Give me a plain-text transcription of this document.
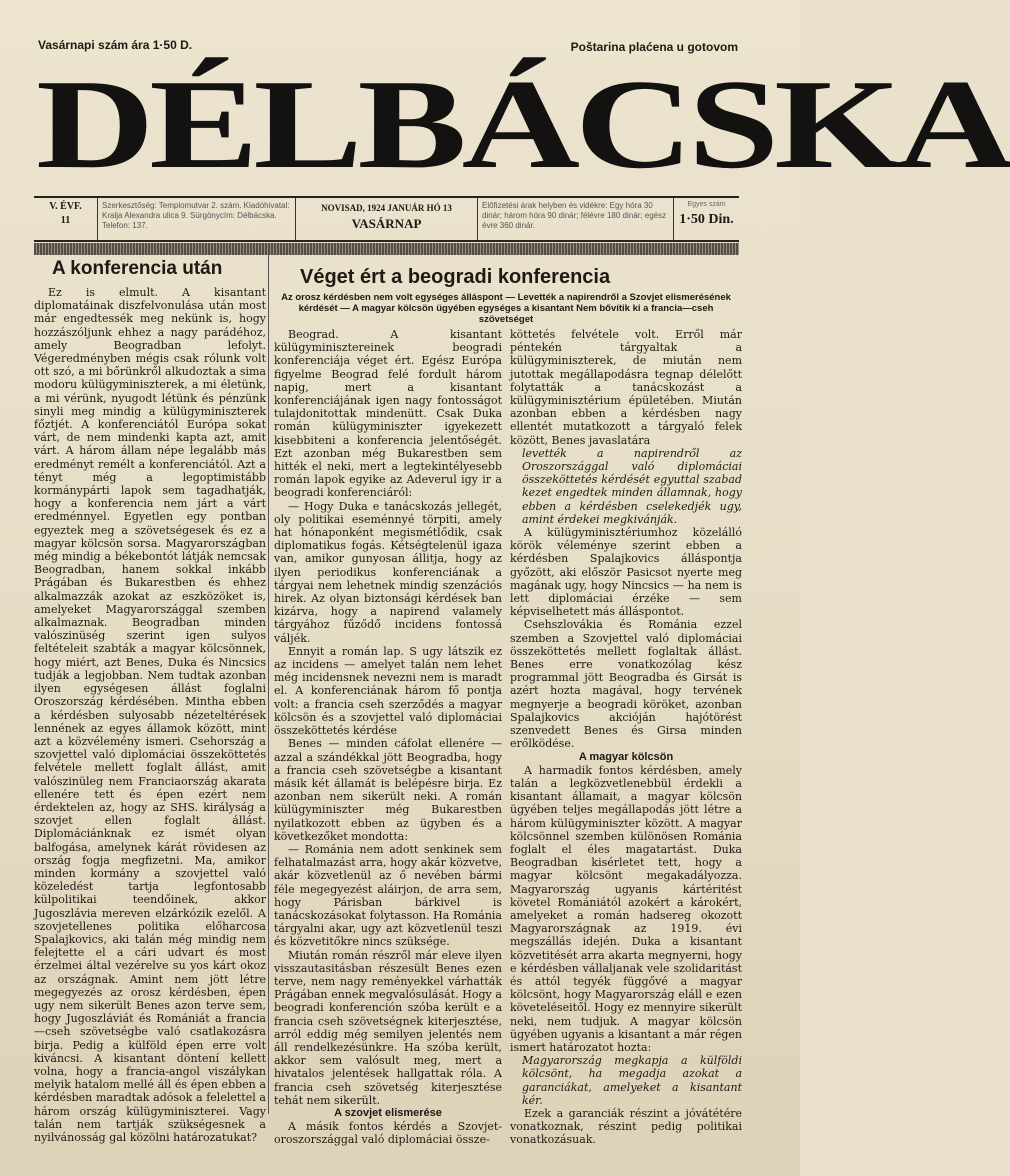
Vasárnapi szám ára 1·50 D.	Poštarina plaćena u gotovom
DÉLBÁCSKA
V. ÉVF.
11
Szerkesztőség: Templomutvar 2. szám. Kiadóhivatal: Kralja Alexandra ulica 9. Sürgönycím: Délbácska. Telefon: 137.
NOVISAD, 1924 JANUÁR HÓ 13
VASÁRNAP
Előfizetési árak helyben és vidékre: Egy hóra 30 dinár; három hóra 90 dinár; félévre 180 dinár; egész évre 360 dinár.
Egyes szám
1·50 Din.
A konferencia után

Ez is elmult. A kisantant diplomatáinak diszfelvonulása után most már engedtessék meg nekünk is, hogy hozzászóljunk ehhez a nagy parádéhoz, amely Beogradban lefolyt. Végeredményben mégis csak rólunk volt ott szó, a mi bőrünkről alkudoztak a sima modoru külügyminiszterek, a mi életünk, a mi vérünk, nyugodt létünk és pénzünk sinyli meg mindig a külügyminiszterek főztjét. A konferenciától Európa sokat várt, de nem mindenki kapta azt, amit várt. A három állam népe legalább más eredményt remélt a konferenciától. Azt a tényt még a legoptimistább kormánypárti lapok sem tagadhatják, hogy a konferencia nem járt a várt eredménnyel. Egyetlen egy pontban egyeztek meg a szövetségesek és ez a magyar kölcsön sorsa. Magyarországban még mindig a békebontót látják nemcsak Beogradban, hanem sokkal inkább Prágában és Bukarestben és ehhez alkalmazzák azokat az eszközöket is, amelyeket Magyarországgal szemben alkalmaznak. Beogradban minden valószinüség szerint igen sulyos feltételeit szabták a magyar kölcsönnek, hogy miért, azt Benes, Duka és Nincsics tudják a legjobban. Nem tudtak azonban ilyen egységesen állást foglalni Oroszország kérdésében. Mintha ebben a kérdésben sulyosabb nézeteltérések lennének az egyes államok között, mint azt a közvélemény ismeri. Csehország a szovjettel való diplomáciai összeköttetés felvétele mellett foglalt állást, amit valószinüleg nem Franciaország akarata ellenére tett és épen ezért nem érdektelen az, hogy az SHS. királyság a szovjet ellen foglalt állást. Diplomáciánknak ez ismét olyan balfogása, amelynek kárát rövidesen az ország fogja megfizetni. Ma, amikor minden kormány a szovjettel való közeledést tartja legfontosabb külpolitikai teendőinek, akkor Jugoszlávia mereven elzárkózik ezelől. A szovjetellenes politika előharcosa Spalajkovics, aki talán még mindig nem felejtette el a cári udvart és most érzelmei által vezérelve su yos kárt okoz az országnak. Amint nem jött létre megegyezés az orosz kérdésben, épen ugy nem sikerült Benes azon terve sem, hogy Jugoszláviát és Romániát a francia—cseh szövetségbe való csatlakozásra birja. Pedig a külföld épen erre volt kiváncsi. A kisantant döntení kellett volna, hogy a francia-angol viszálykan melyik hatalom mellé áll és épen ebben a kérdésben maradtak adósok a felelettel a három ország külügyminiszterei. Vagy talán nem tartják szükségesnek a nyilvánosság gal közölni határozatukat?

Véget ért a beogradi konferencia
Az orosz kérdésben nem volt egységes álláspont — Levették a napirendről a Szovjet elismerésének kérdését — A magyar kölcsön ügyében egységes a kisantant Nem bővítik ki a francia—cseh szövetséget

Beograd. A kisantant külügyminisztereinek beogradi konferenciája véget ért. Egész Európa figyelme Beograd felé fordult három napig, mert a kisantant konferenciájának igen nagy fontosságot tulajdonitottak mindenütt. Csak Duka román külügyminiszter igyekezett kisebbiteni a konferencia jelentőségét. Ezt azonban még Bukarestben sem hitték el neki, mert a legtekintélyesebb román lapok egyike az Adeverul igy ir a beogradi konferenciáról:

— Hogy Duka e tanácskozás jellegét, oly politikai eseménnyé törpiti, amely hat hónaponként megismétlődik, csak diplomatikus fogás. Kétségtelenül igaza van, amikor gunyosan állitja, hogy az ilyen periodikus konferenciának a tárgyai nem lehetnek mindig szenzációs hirek. Az olyan biztonsági kérdések ban kizárva, hogy a napirend valamely tárgyához fűződő incidens fontossá váljék.

Ennyit a román lap. S ugy látszik ez az incidens — amelyet talán nem lehet még incidensnek nevezni nem is maradt el. A konferenciának három fő pontja volt: a francia cseh szerződés a magyar kölcsön és a szovjettel való diplomáciai összeköttetés kérdése

Benes — minden cáfolat ellenére — azzal a szándékkal jött Beogradba, hogy a francia cseh szövetségbe a kisantant másik két államát is belépésre birja. Ez azonban nem sikerült neki. A román külügyminiszter még Bukarestben nyilatkozott ebben az ügyben és a következőket mondotta:

— Románia nem adott senkinek sem felhatalmazást arra, hogy akár közvetve, akár közvetlenül az ő nevében bármi féle megegyezést aláirjon, de arra sem, hogy Párisban bárkivel is tanácskozásokat folytasson. Ha Románia tárgyalni akar, ugy azt közvetlenül teszi és közvetitőkre nincs szüksége.

Miután román részről már eleve ilyen visszautasitásban részesült Benes ezen terve, nem nagy reményekkel várhatták Prágában ennek megvalósulását. Hogy a beogradi konferención szóba került e a francia cseh szövetségnek kiterjesztése, arról eddig még semilyen jelentés nem áll rendelkezésünkre. Ha szóba került, akkor sem valósult meg, mert a hivatalos jelentések hallgattak róla. A francia cseh szövetség kiterjesztése tehát nem sikerült.

A szovjet elismerése

A másik fontos kérdés a Szovjet-oroszországgal való diplomáciai össze-

köttetés felvétele volt. Erről már péntekén tárgyaltak a külügyminiszterek, de miután nem jutottak megállapodásra tegnap délelőtt folytatták a tanácskozást a külügyminisztérium épületében. Miután azonban ebben a kérdésben nagy ellentét mutatkozott a tárgyaló felek között, Benes javaslatára

levették a napirendről az Oroszországgal való diplomáciai összeköttetés kérdését egyuttal szabad kezet engedtek minden államnak, hogy ebben a kérdésben cselekedjék ugy, amint érdekei megkivánják.

A külügyminisztériumhoz közelálló körök véleménye szerint ebben a kérdésben Spalajkovics álláspontja győzött, aki először Pasicsot nyerte meg magának ugy, hogy Nincsics — ha nem is lett diplomáciai érzéke — sem képviselhetett más álláspontot.

Csehszlovákia és Románia ezzel szemben a Szovjettel való diplomáciai összeköttetés mellett foglaltak állást. Benes erre vonatkozólag kész programmal jött Beogradba és Girsát is azért hozta magával, hogy tervének megnyerje a beogradi köröket, azonban Spalajkovics akcióján hajótörést szenvedett Benes és Girsa minden erőlködése.

A magyar kölcsön

A harmadik fontos kérdésben, amely talán a legközvetlenebbül érdekli a kisantant államait, a magyar kölcsön ügyében teljes megállapodás jött létre a három külügyminiszter között. A magyar kölcsönnel szemben különösen Románia foglalt el éles magatartást. Duka Beogradban kisérletet tett, hogy a magyar kölcsönt megakadályozza. Magyarország ugyanis kártéritést követel Romániától azokért a károkért, amelyeket a román hadsereg okozott Magyarországnak az 1919. évi megszállás idején. Duka a kisantant közvetitését arra akarta megnyerni, hogy e kérdésben vállaljanak vele szolidaritást és attól tegyék függővé a magyar kölcsönt, hogy Magyarország eláll e ezen követeléseitől. Hogy ez mennyire sikerült neki, nem tudjuk. A magyar kölcsön ügyében ugyanis a kisantant a már régen ismert határozatot hozta:

Magyarország megkapja a külföldi kölcsönt, ha megadja azokat a garanciákat, amelyeket a kisantant kér.

Ezek a garanciák részint a jóvátétére vonatkoznak, részint pedig politikai vonatkozásuak.
